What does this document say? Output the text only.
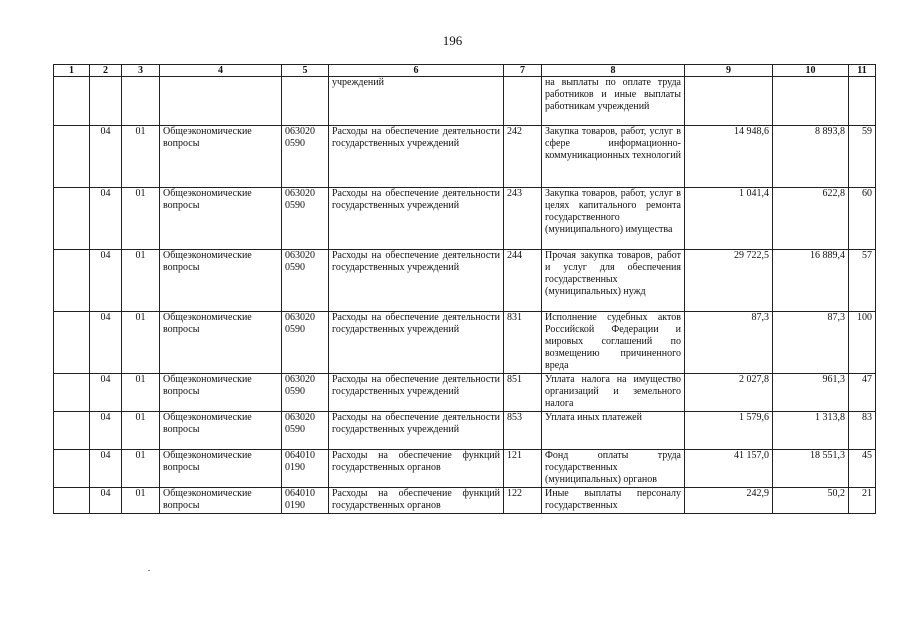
196
1	2	3	4	5	6	7	8	9	10	11
					учреждений		на выплаты по оплате труда работников и иные выплаты работникам учреждений			
	04	01	Общеэкономические вопросы	063020 0590	Расходы на обеспечение деятельности государственных учреждений	242	Закупка товаров, работ, услуг в сфере информационно-коммуникационных технологий	14 948,6	8 893,8	59
	04	01	Общеэкономические вопросы	063020 0590	Расходы на обеспечение деятельности государственных учреждений	243	Закупка товаров, работ, услуг в целях капитального ремонта государственного (муниципального) имущества	1 041,4	622,8	60
	04	01	Общеэкономические вопросы	063020 0590	Расходы на обеспечение деятельности государственных учреждений	244	Прочая закупка товаров, работ и услуг для обеспечения государственных (муниципальных) нужд	29 722,5	16 889,4	57
	04	01	Общеэкономические вопросы	063020 0590	Расходы на обеспечение деятельности государственных учреждений	831	Исполнение судебных актов Российской Федерации и мировых соглашений по возмещению причиненного вреда	87,3	87,3	100
	04	01	Общеэкономические вопросы	063020 0590	Расходы на обеспечение деятельности государственных учреждений	851	Уплата налога на имущество организаций и земельного налога	2 027,8	961,3	47
	04	01	Общеэкономические вопросы	063020 0590	Расходы на обеспечение деятельности государственных учреждений	853	Уплата иных платежей	1 579,6	1 313,8	83
	04	01	Общеэкономические вопросы	064010 0190	Расходы на обеспечение функций государственных органов	121	Фонд оплаты труда государственных (муниципальных) органов	41 157,0	18 551,3	45
	04	01	Общеэкономические вопросы	064010 0190	Расходы на обеспечение функций государственных органов	122	Иные выплаты персоналу государственных	242,9	50,2	21
